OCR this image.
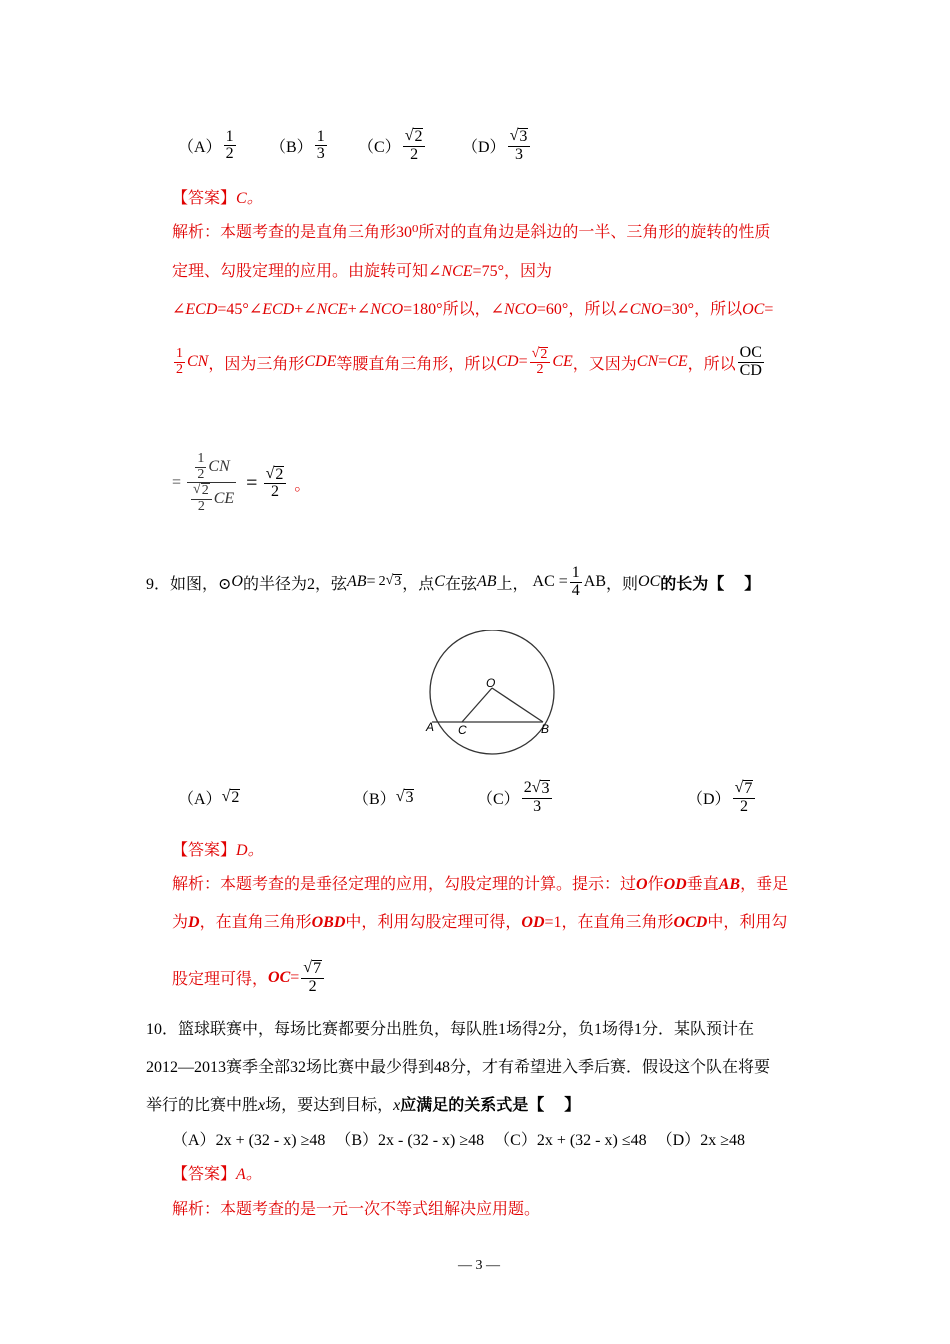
$(A) \frac{1}{2} (B) \frac{1}{3} (C) \frac{√ 2}{2} (D) \frac{√ 3}{3}$
【答案】C。
解析：本题考查的是直角三角形30⁰所对的直角边是斜边的一半、三角形的旋转的性质
定理、勾股定理的应用。由旋转可知∠NCE=75°，因为
∠ECD=45°∠ECD+∠NCE+∠NCO=180°所以，∠NCO=60°，所以∠CNO=30°，所以OC=
$\frac{1}{2}$ CN ，因为三角形 CDE 等腰直角三角形，所以 CD = $\frac{√ 2}{2}$ CE ，又因为 CN = CE ，所以 $\frac{OC}{CD}$
= $\frac{\frac{1}{2} CN}{\frac{√ 2}{2} CE} = \frac{√ 2}{2}$ 。
9．如图，⊙ O 的半径为2，弦 AB = 2 √ 3 ，点 C 在弦 AB 上， AC = $\frac{1}{4}$ AB ，则 OC 的长为【　 】
O
A C	B
（A） √ 2	（B） √ 3	$(C) \frac{2 √ 3}{3}$	$(D) \frac{√ 7}{2}$
【答案】D。
解析：本题考查的是垂径定理的应用，勾股定理的计算。提示：过O作OD垂直AB，垂足
为D，在直角三角形OBD中，利用勾股定理可得，OD=1，在直角三角形OCD中，利用勾
股定理可得， OC = $\frac{√ 7}{2}$
10．篮球联赛中，每场比赛都要分出胜负，每队胜1场得2分，负1场得1分．某队预计在
2012—2013赛季全部32场比赛中最少得到48分，才有希望进入季后赛．假设这个队在将要
举行的比赛中胜x场，要达到目标，x应满足的关系式是【　 】
（A）2x + (32 - x) ≥48 （B）2x - (32 - x) ≥48 （C）2x + (32 - x) ≤48 （D）2x ≥48
【答案】A。
解析：本题考查的是一元一次不等式组解决应用题。
— 3 —
